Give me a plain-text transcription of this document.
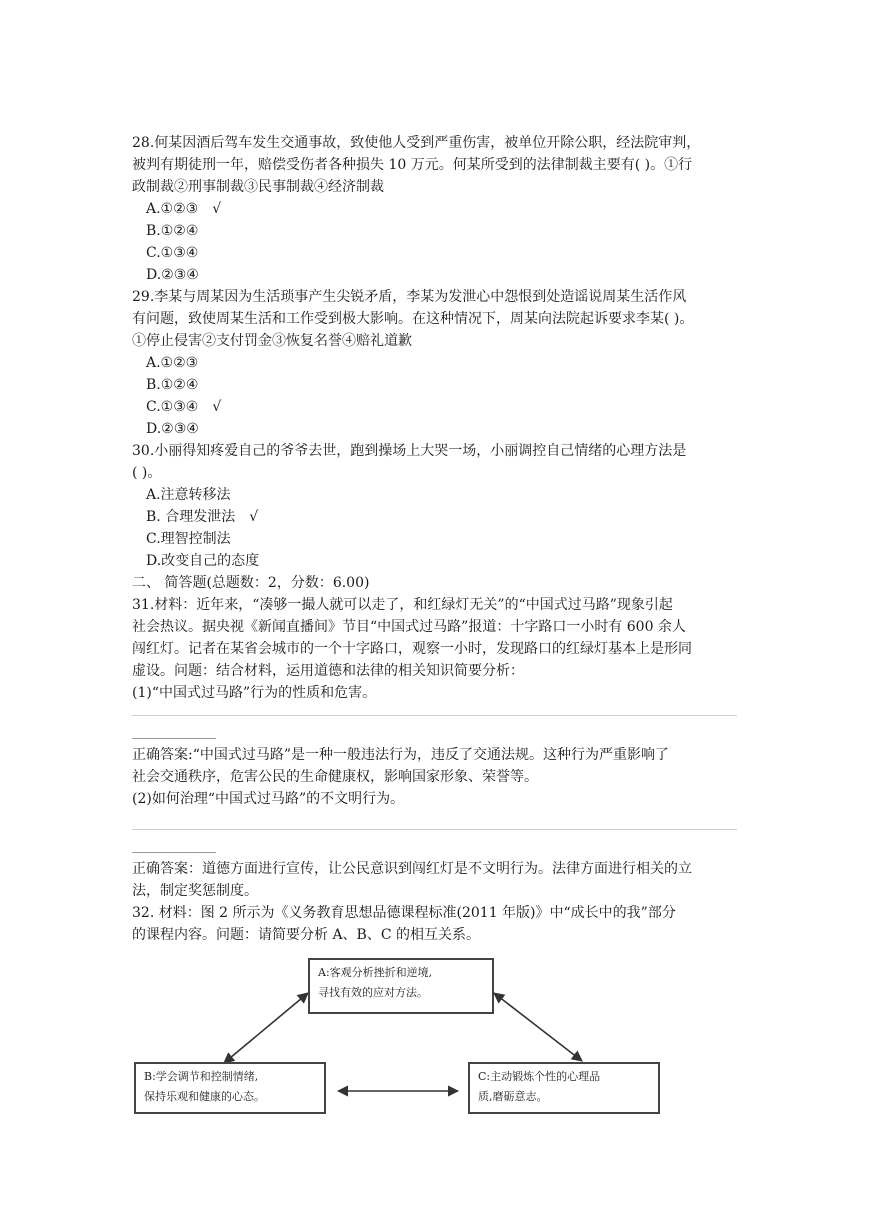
28.何某因酒后驾车发生交通事故，致使他人受到严重伤害，被单位开除公职，经法院审判，
被判有期徒刑一年，赔偿受伤者各种损失 10 万元。何某所受到的法律制裁主要有( )。①行
政制裁②刑事制裁③民事制裁④经济制裁
A.①②③ √
B.①②④
C.①③④
D.②③④
29.李某与周某因为生活琐事产生尖锐矛盾，李某为发泄心中怨恨到处造谣说周某生活作风
有问题，致使周某生活和工作受到极大影响。在这种情况下，周某向法院起诉要求李某( )。
①停止侵害②支付罚金③恢复名誉④赔礼道歉
A.①②③
B.①②④
C.①③④ √
D.②③④
30.小丽得知疼爱自己的爷爷去世，跑到操场上大哭一场，小丽调控自己情绪的心理方法是
( )。
A.注意转移法
B. 合理发泄法 √
C.理智控制法
D.改变自己的态度
二、 简答题(总题数：2，分数：6.00)
31.材料：近年来，“凑够一撮人就可以走了，和红绿灯无关”的“中国式过马路”现象引起
社会热议。据央视《新闻直播间》节目“中国式过马路”报道：十字路口一小时有 600 余人
闯红灯。记者在某省会城市的一个十字路口，观察一小时，发现路口的红绿灯基本上是形同
虚设。问题：结合材料，运用道德和法律的相关知识简要分析：
(1)“中国式过马路”行为的性质和危害。
正确答案:“中国式过马路”是一种一般违法行为，违反了交通法规。这种行为严重影响了
社会交通秩序，危害公民的生命健康权，影响国家形象、荣誉等。
(2)如何治理“中国式过马路”的不文明行为。
正确答案：道德方面进行宣传，让公民意识到闯红灯是不文明行为。法律方面进行相关的立
法，制定奖惩制度。
32. 材料：图 2 所示为《义务教育思想品德课程标准(2011 年版)》中“成长中的我”部分
的课程内容。问题：请简要分析 A、B、C 的相互关系。
A:客观分析挫折和逆境,
寻找有效的应对方法。
B:学会调节和控制情绪,
保持乐观和健康的心态。
C:主动锻炼个性的心理品
质,磨砺意志。
